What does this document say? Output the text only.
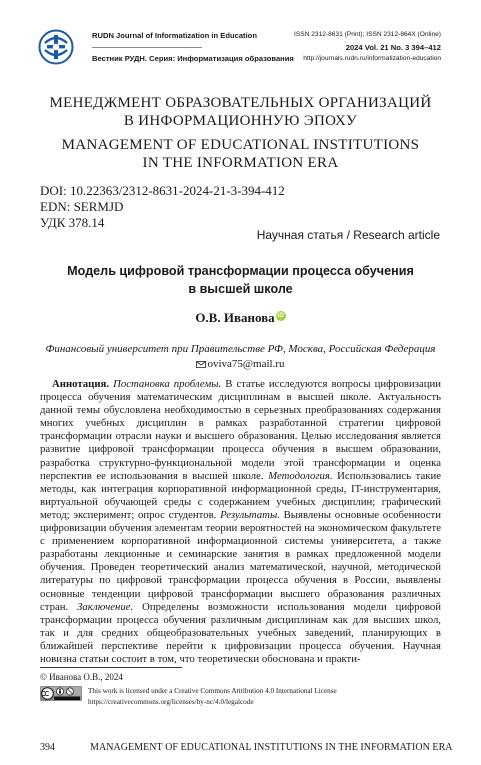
RUDN Journal of Informatization in Education
Вестник РУДН. Серия: Информатизация образования
ISSN 2312-8631 (Print); ISSN 2312-864X (Online)
2024 Vol. 21 No. 3 394–412
http://journals.rudn.ru/informatization-education
МЕНЕДЖМЕНТ ОБРАЗОВАТЕЛЬНЫХ ОРГАНИЗАЦИЙ
В ИНФОРМАЦИОННУЮ ЭПОХУ
MANAGEMENT OF EDUCATIONAL INSTITUTIONS
IN THE INFORMATION ERA
DOI: 10.22363/2312-8631-2024-21-3-394-412
EDN: SERMJD
УДК 378.14
Научная статья / Research article
Модель цифровой трансформации процесса обучения
в высшей школе
О.В. Иванова iD
Финансовый университет при Правительстве РФ, Москва, Российская Федерация
oviva75@mail.ru

Аннотация. Постановка проблемы. В статье исследуются вопросы цифровизации процесса обучения математическим дисциплинам в высшей школе. Актуальность данной темы обусловлена необходимостью в серьезных преобразованиях содержания многих учебных дисциплин в рамках разработанной стратегии цифровой трансформации отрасли науки и высшего образования. Целью исследования является развитие цифровой трансформации процесса обучения в высшем образовании, разработка структурно-функциональной модели этой трансформации и оценка перспектив ее использования в высшей школе. Методология. Использовались такие методы, как интеграция корпоративной информационной среды, IT-инструментария, виртуальной обучающей среды с содержанием учебных дисциплин; графический метод; эксперимент; опрос студентов. Результаты. Выявлены основные особенности цифровизации обучения элементам теории вероятностей на экономическом факультете с применением корпоративной информационной системы университета, а также разработаны лекционные и семинарские занятия в рамках предложенной модели обучения. Проведен теоретический анализ математической, научной, методической литературы по цифровой трансформации процесса обучения в России, выявлены основные тенденции цифровой трансформации высшего образования различных стран. Заключение. Определены возможности использования модели цифровой трансформации процесса обучения различным дисциплинам как для высших школ, так и для средних общеобразовательных учебных заведений, планирующих в ближайшей перспективе перейти к цифровизации процесса обучения. Научная новизна статьи состоит в том, что теоретически обоснована и практи-

© Иванова О.В., 2024
This work is licensed under a Creative Commons Attribution 4.0 International License
https://creativecommons.org/licenses/by-nc/4.0/legalcode
394	MANAGEMENT OF EDUCATIONAL INSTITUTIONS IN THE INFORMATION ERA
